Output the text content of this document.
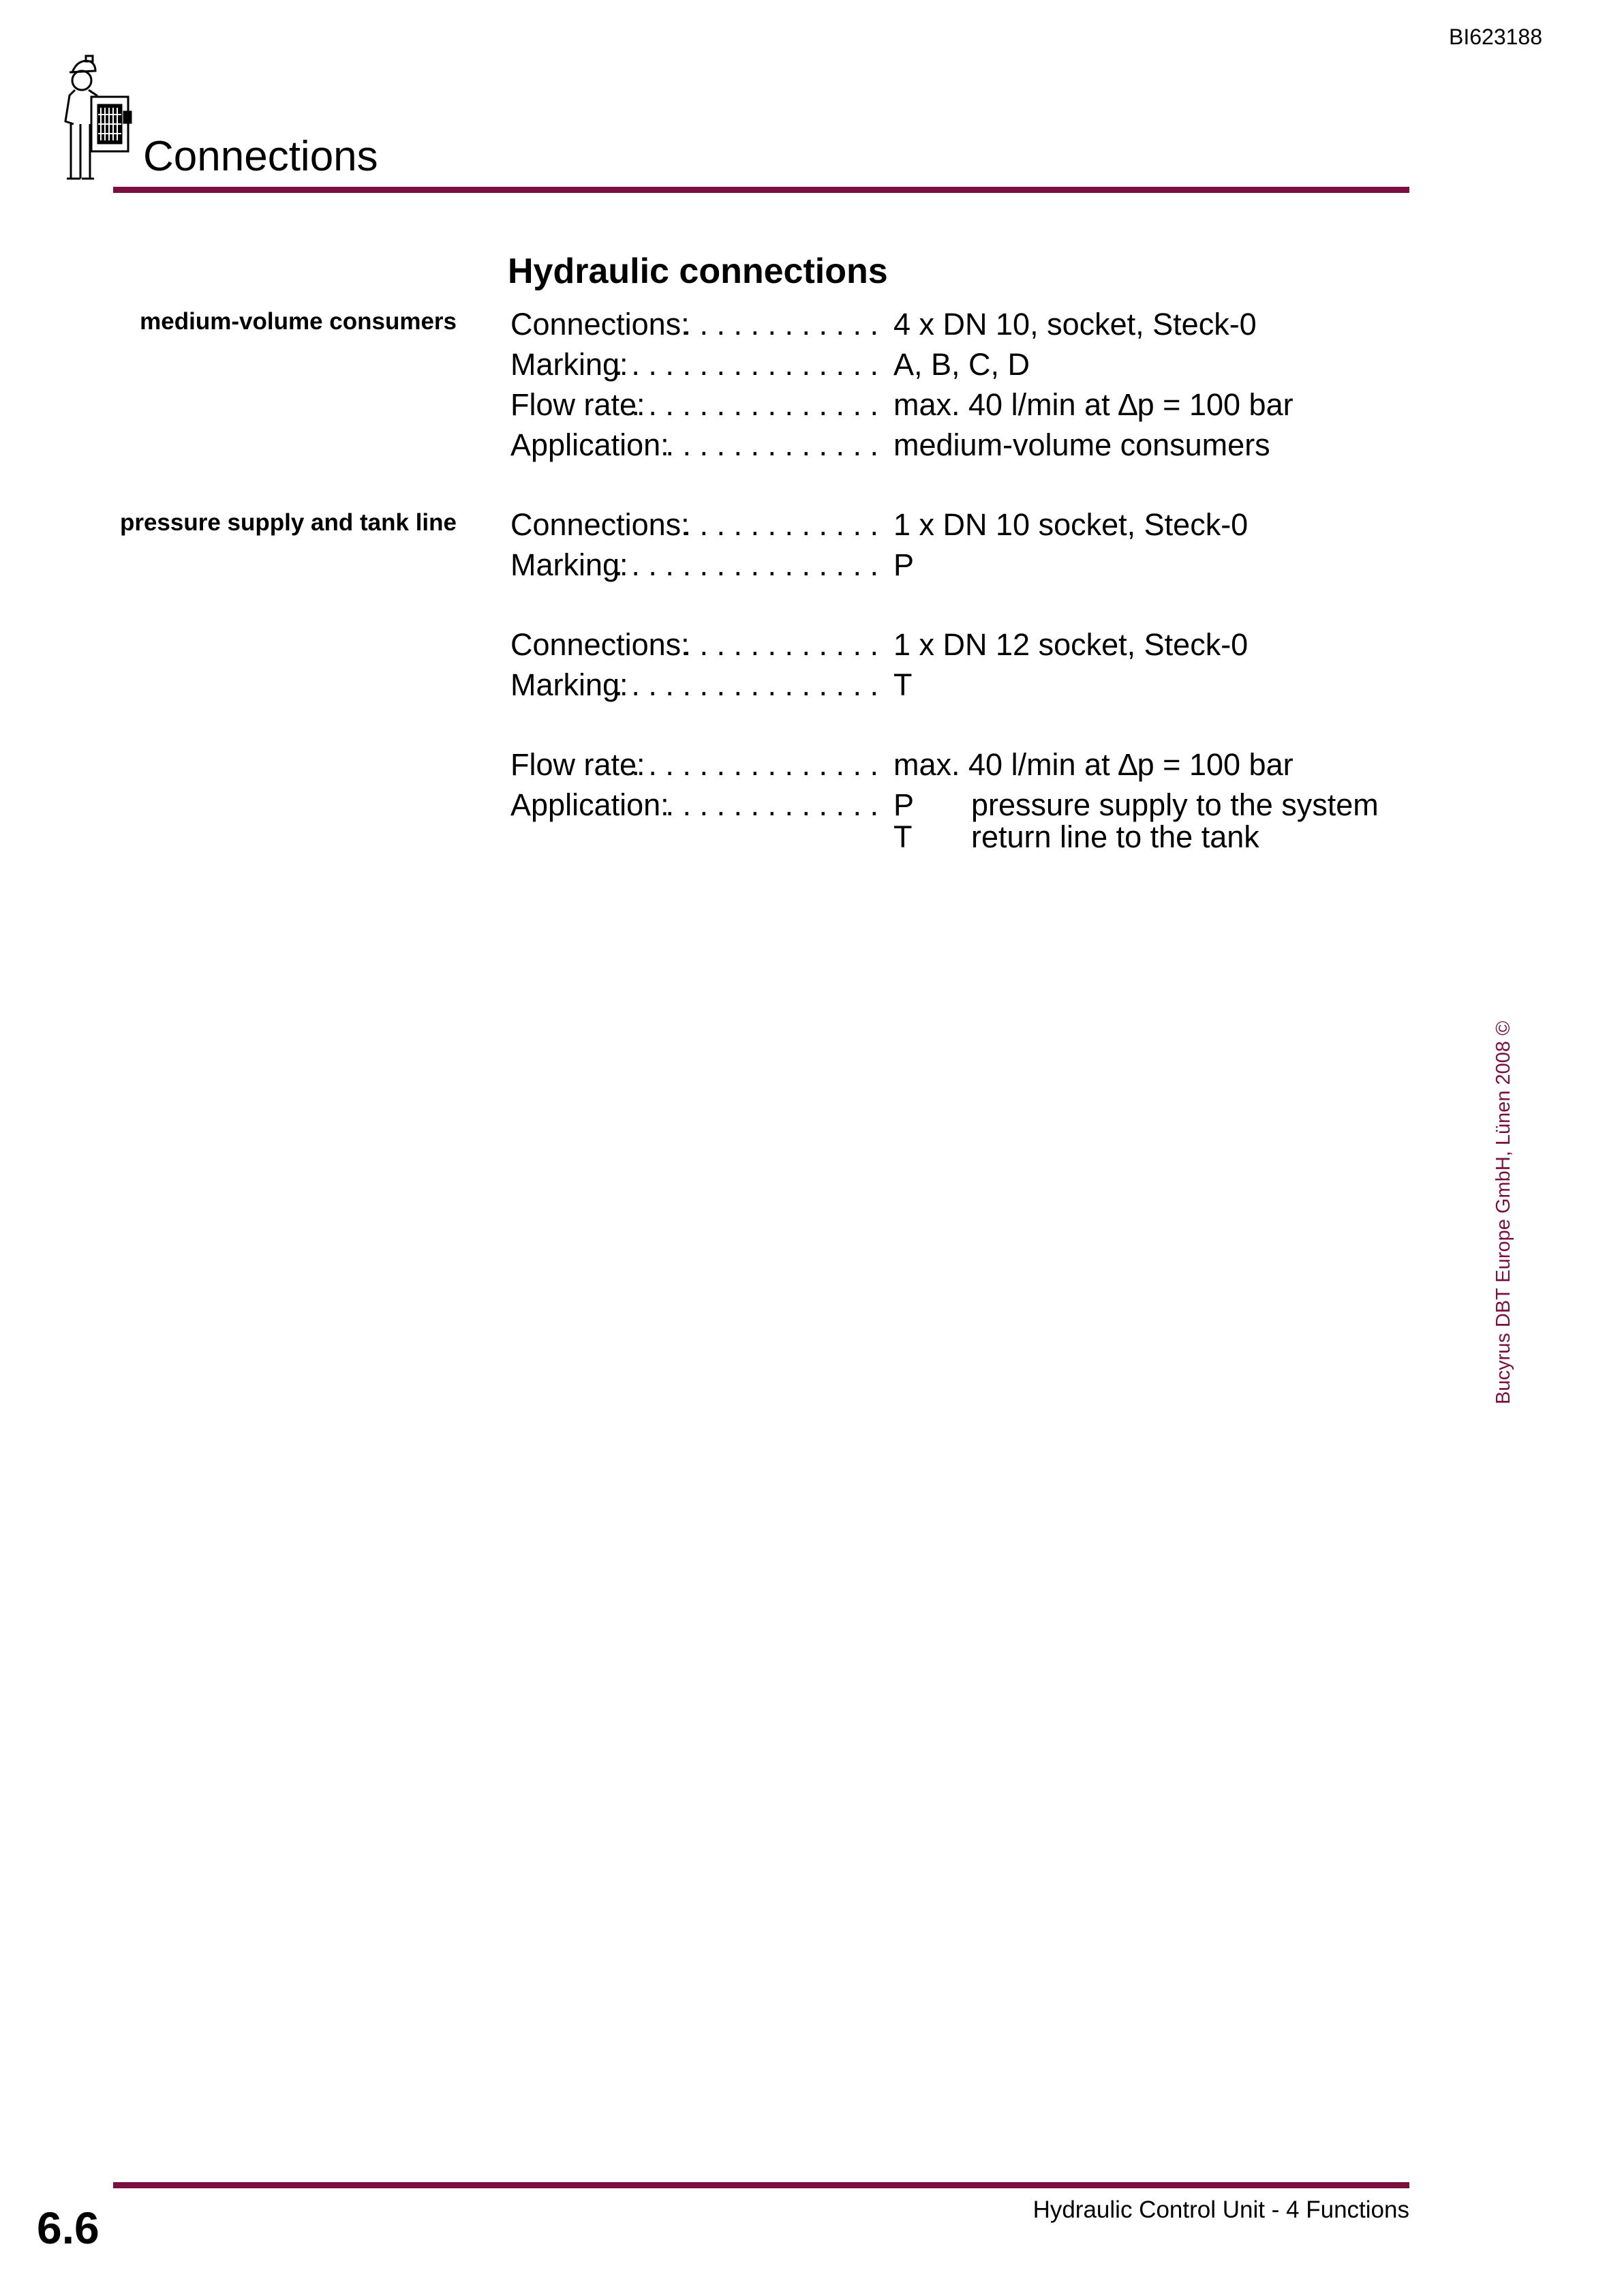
BI623188
Connections
Hydraulic connections
medium-volume consumers Connections:
. . . . . . . . . . . . 4 x DN 10, socket, Steck-0
Marking:
. . . . . . . . . . . . . . . . A, B, C, D
Flow rate:
. . . . . . . . . . . . . . . max. 40 l/min at ∆p = 100 bar
Application:
. . . . . . . . . . . . . medium-volume consumers
pressure supply and tank line Connections:
. . . . . . . . . . . . 1 x DN 10 socket, Steck-0
Marking:
. . . . . . . . . . . . . . . . P
Connections:
. . . . . . . . . . . . 1 x DN 12 socket, Steck-0
Marking:
. . . . . . . . . . . . . . . . T
Flow rate:
. . . . . . . . . . . . . . . max. 40 l/min at ∆p = 100 bar
Application:
. . . . . . . . . . . . . P pressure supply to the system
T return line to the tank
Bucyrus DBT Europe GmbH, Lünen 2008 ©
6.6	Hydraulic Control Unit - 4 Functions
